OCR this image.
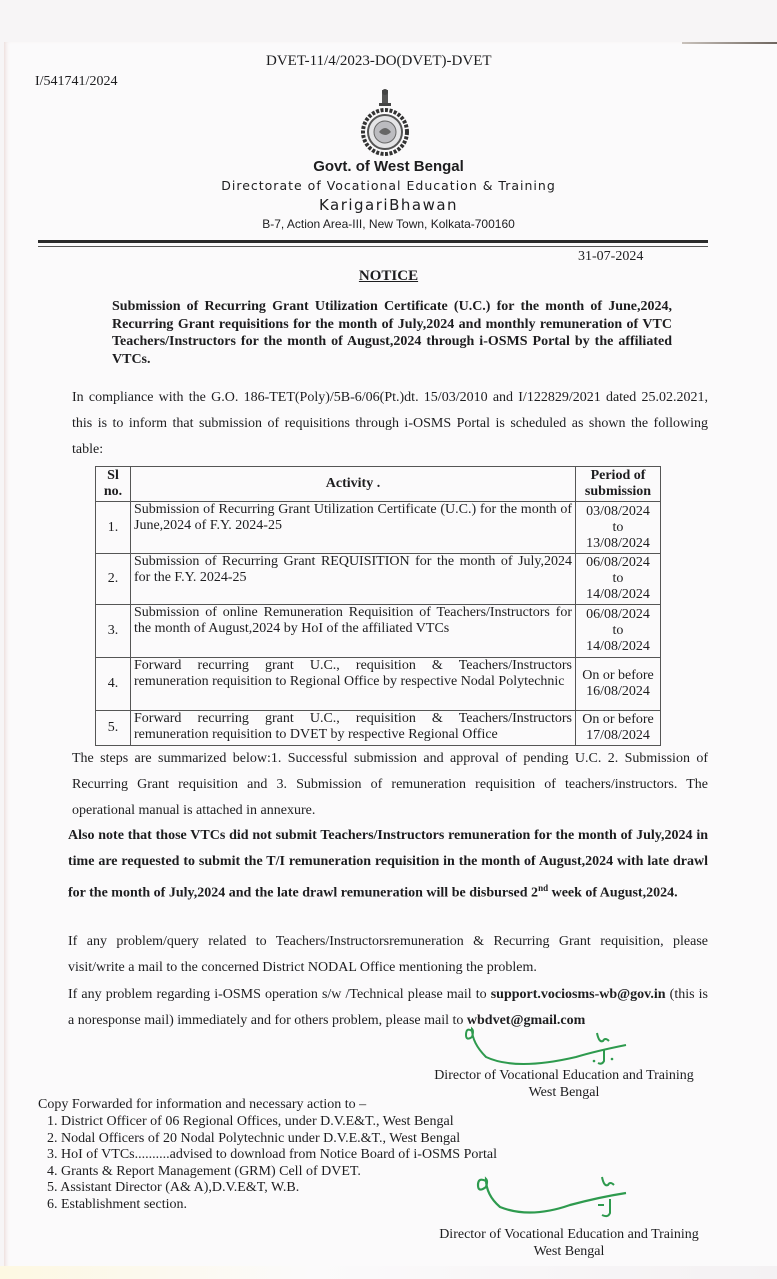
DVET-11/4/2023-DO(DVET)-DVET
I/541741/2024
Govt. of West Bengal
Directorate of Vocational Education & Training
KarigariBhawan
B-7, Action Area-III, New Town, Kolkata-700160
31-07-2024
NOTICE
Submission of Recurring Grant Utilization Certificate (U.C.) for the month of June,2024, Recurring Grant requisitions for the month of July,2024 and monthly remuneration of VTC Teachers/Instructors for the month of August,2024 through i-OSMS Portal by the affiliated VTCs.
In compliance with the G.O. 186-TET(Poly)/5B-6/06(Pt.)dt. 15/03/2010 and I/122829/2021 dated 25.02.2021, this is to inform that submission of requisitions through i-OSMS Portal is scheduled as shown the following table:
Sl no.	Activity .	Period of submission
1.	Submission of Recurring Grant Utilization Certificate (U.C.) for the month of June,2024 of F.Y. 2024-25	03/08/2024
to
13/08/2024

2.	Submission of Recurring Grant REQUISITION for the month of July,2024 for the F.Y. 2024-25	06/08/2024
to
14/08/2024

3.	Submission of online Remuneration Requisition of Teachers/Instructors for the month of August,2024 by HoI of the affiliated VTCs	06/08/2024
to
14/08/2024

4.	Forward recurring grant U.C., requisition & Teachers/Instructors remuneration requisition to Regional Office by respective Nodal Polytechnic	On or before
16/08/2024

5.	Forward recurring grant U.C., requisition & Teachers/Instructors remuneration requisition to DVET by respective Regional Office	On or before
17/08/2024
The steps are summarized below:1. Successful submission and approval of pending U.C. 2. Submission of Recurring Grant requisition and 3. Submission of remuneration requisition of teachers/instructors. The operational manual is attached in annexure.
Also note that those VTCs did not submit Teachers/Instructors remuneration for the month of July,2024 in time are requested to submit the T/I remuneration requisition in the month of August,2024 with late drawl for the month of July,2024 and the late drawl remuneration will be disbursed 2nd week of August,2024.
If any problem/query related to Teachers/Instructorsremuneration & Recurring Grant requisition, please visit/write a mail to the concerned District NODAL Office mentioning the problem.
If any problem regarding i-OSMS operation s/w /Technical please mail to support.vociosms-wb@gov.in (this is a noresponse mail) immediately and for others problem, please mail to wbdvet@gmail.com
Director of Vocational Education and Training
West Bengal
Copy Forwarded for information and necessary action to –
1. District Officer of 06 Regional Offices, under D.V.E&T., West Bengal
2. Nodal Officers of 20 Nodal Polytechnic under D.V.E.&T., West Bengal
3. HoI of VTCs..........advised to download from Notice Board of i-OSMS Portal
4. Grants & Report Management (GRM) Cell of DVET.
5. Assistant Director (A& A),D.V.E&T, W.B.
6. Establishment section.
Director of Vocational Education and Training
West Bengal
